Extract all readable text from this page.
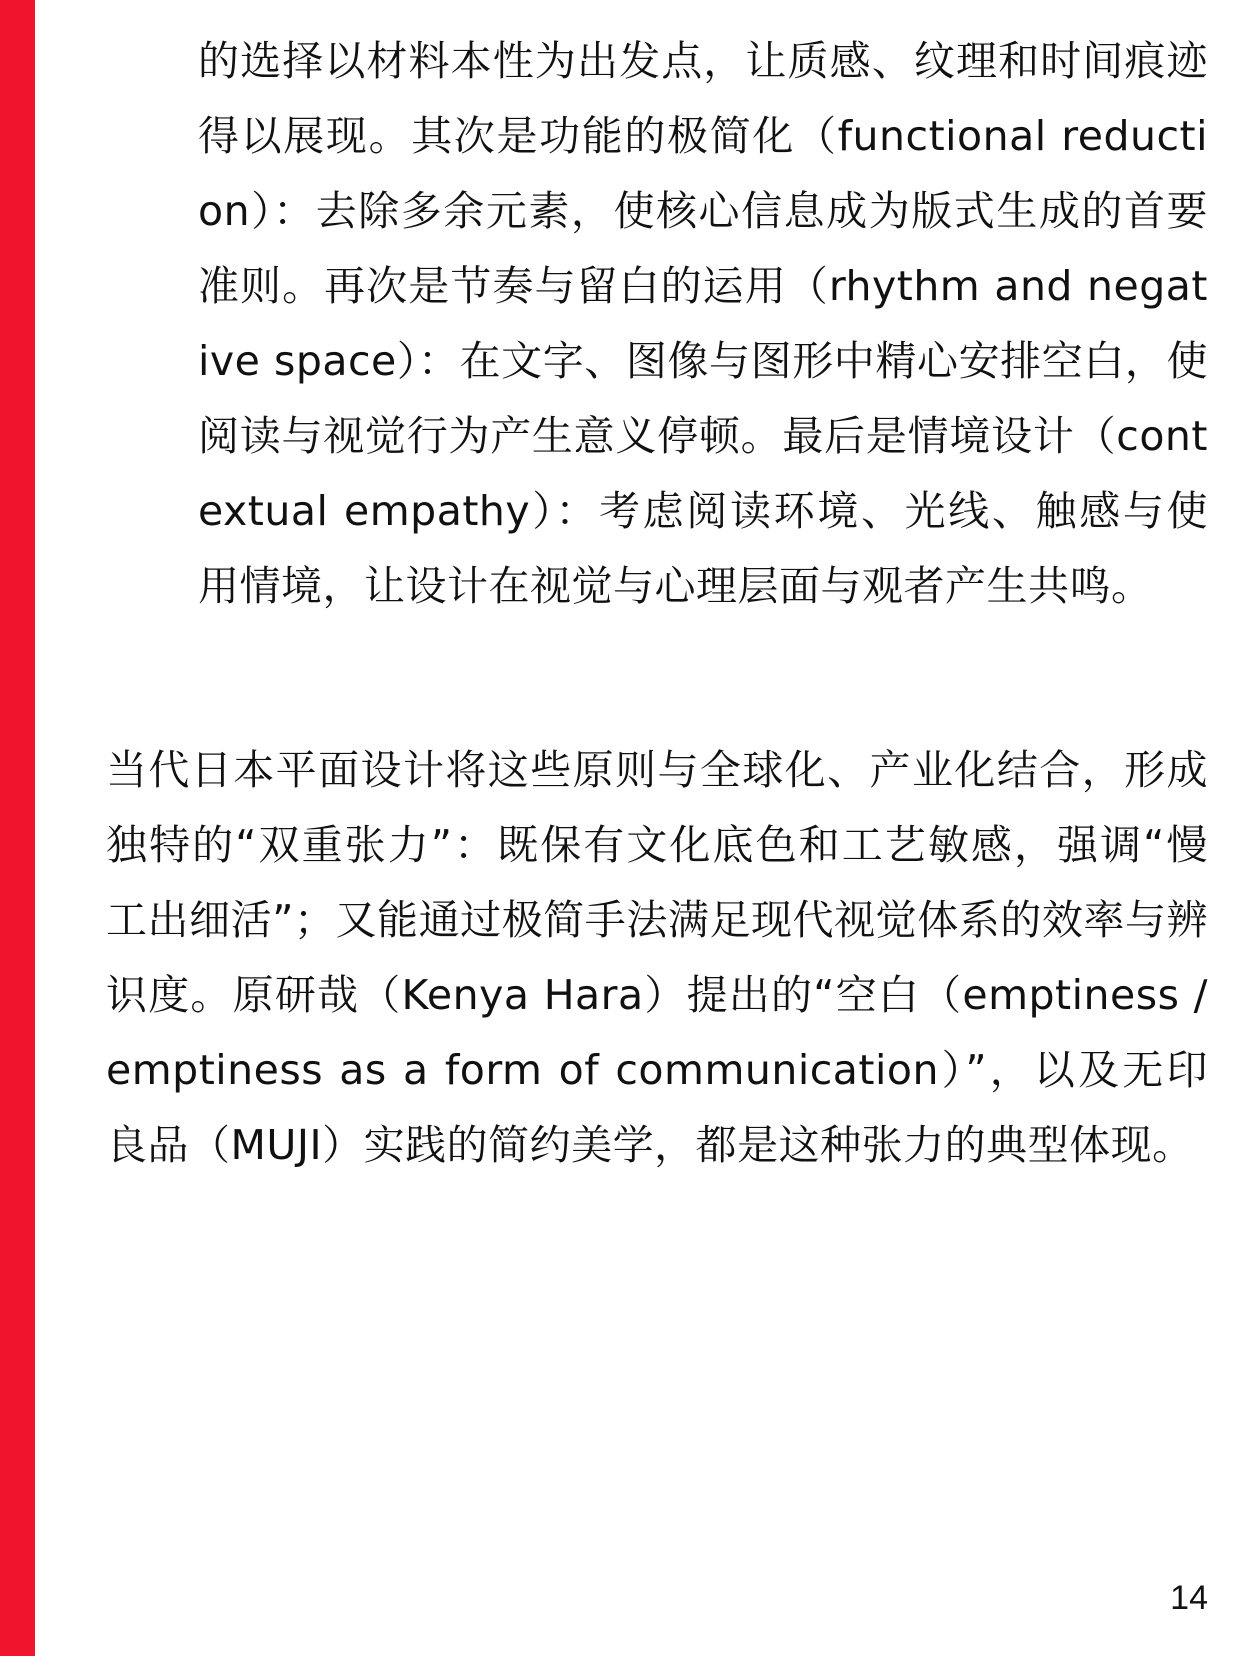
的选择以材料本性为出发点，让质感、纹理和时间痕迹得以展现。其次是功能的极简化（functional reduction）：去除多余元素，使核心信息成为版式生成的首要准则。再次是节奏与留白的运用（rhythm and negative space）：在文字、图像与图形中精心安排空白，使阅读与视觉行为产生意义停顿。最后是情境设计（contextual empathy）：考虑阅读环境、光线、触感与使用情境，让设计在视觉与心理层面与观者产生共鸣。

当代日本平面设计将这些原则与全球化、产业化结合，形成独特的“双重张力”：既保有文化底色和工艺敏感，强调“慢工出细活”；又能通过极简手法满足现代视觉体系的效率与辨识度。原研哉（Kenya Hara）提出的“空白（emptiness / emptiness as a form of communication）”，以及无印良品（MUJI）实践的简约美学，都是这种张力的典型体现。

14
